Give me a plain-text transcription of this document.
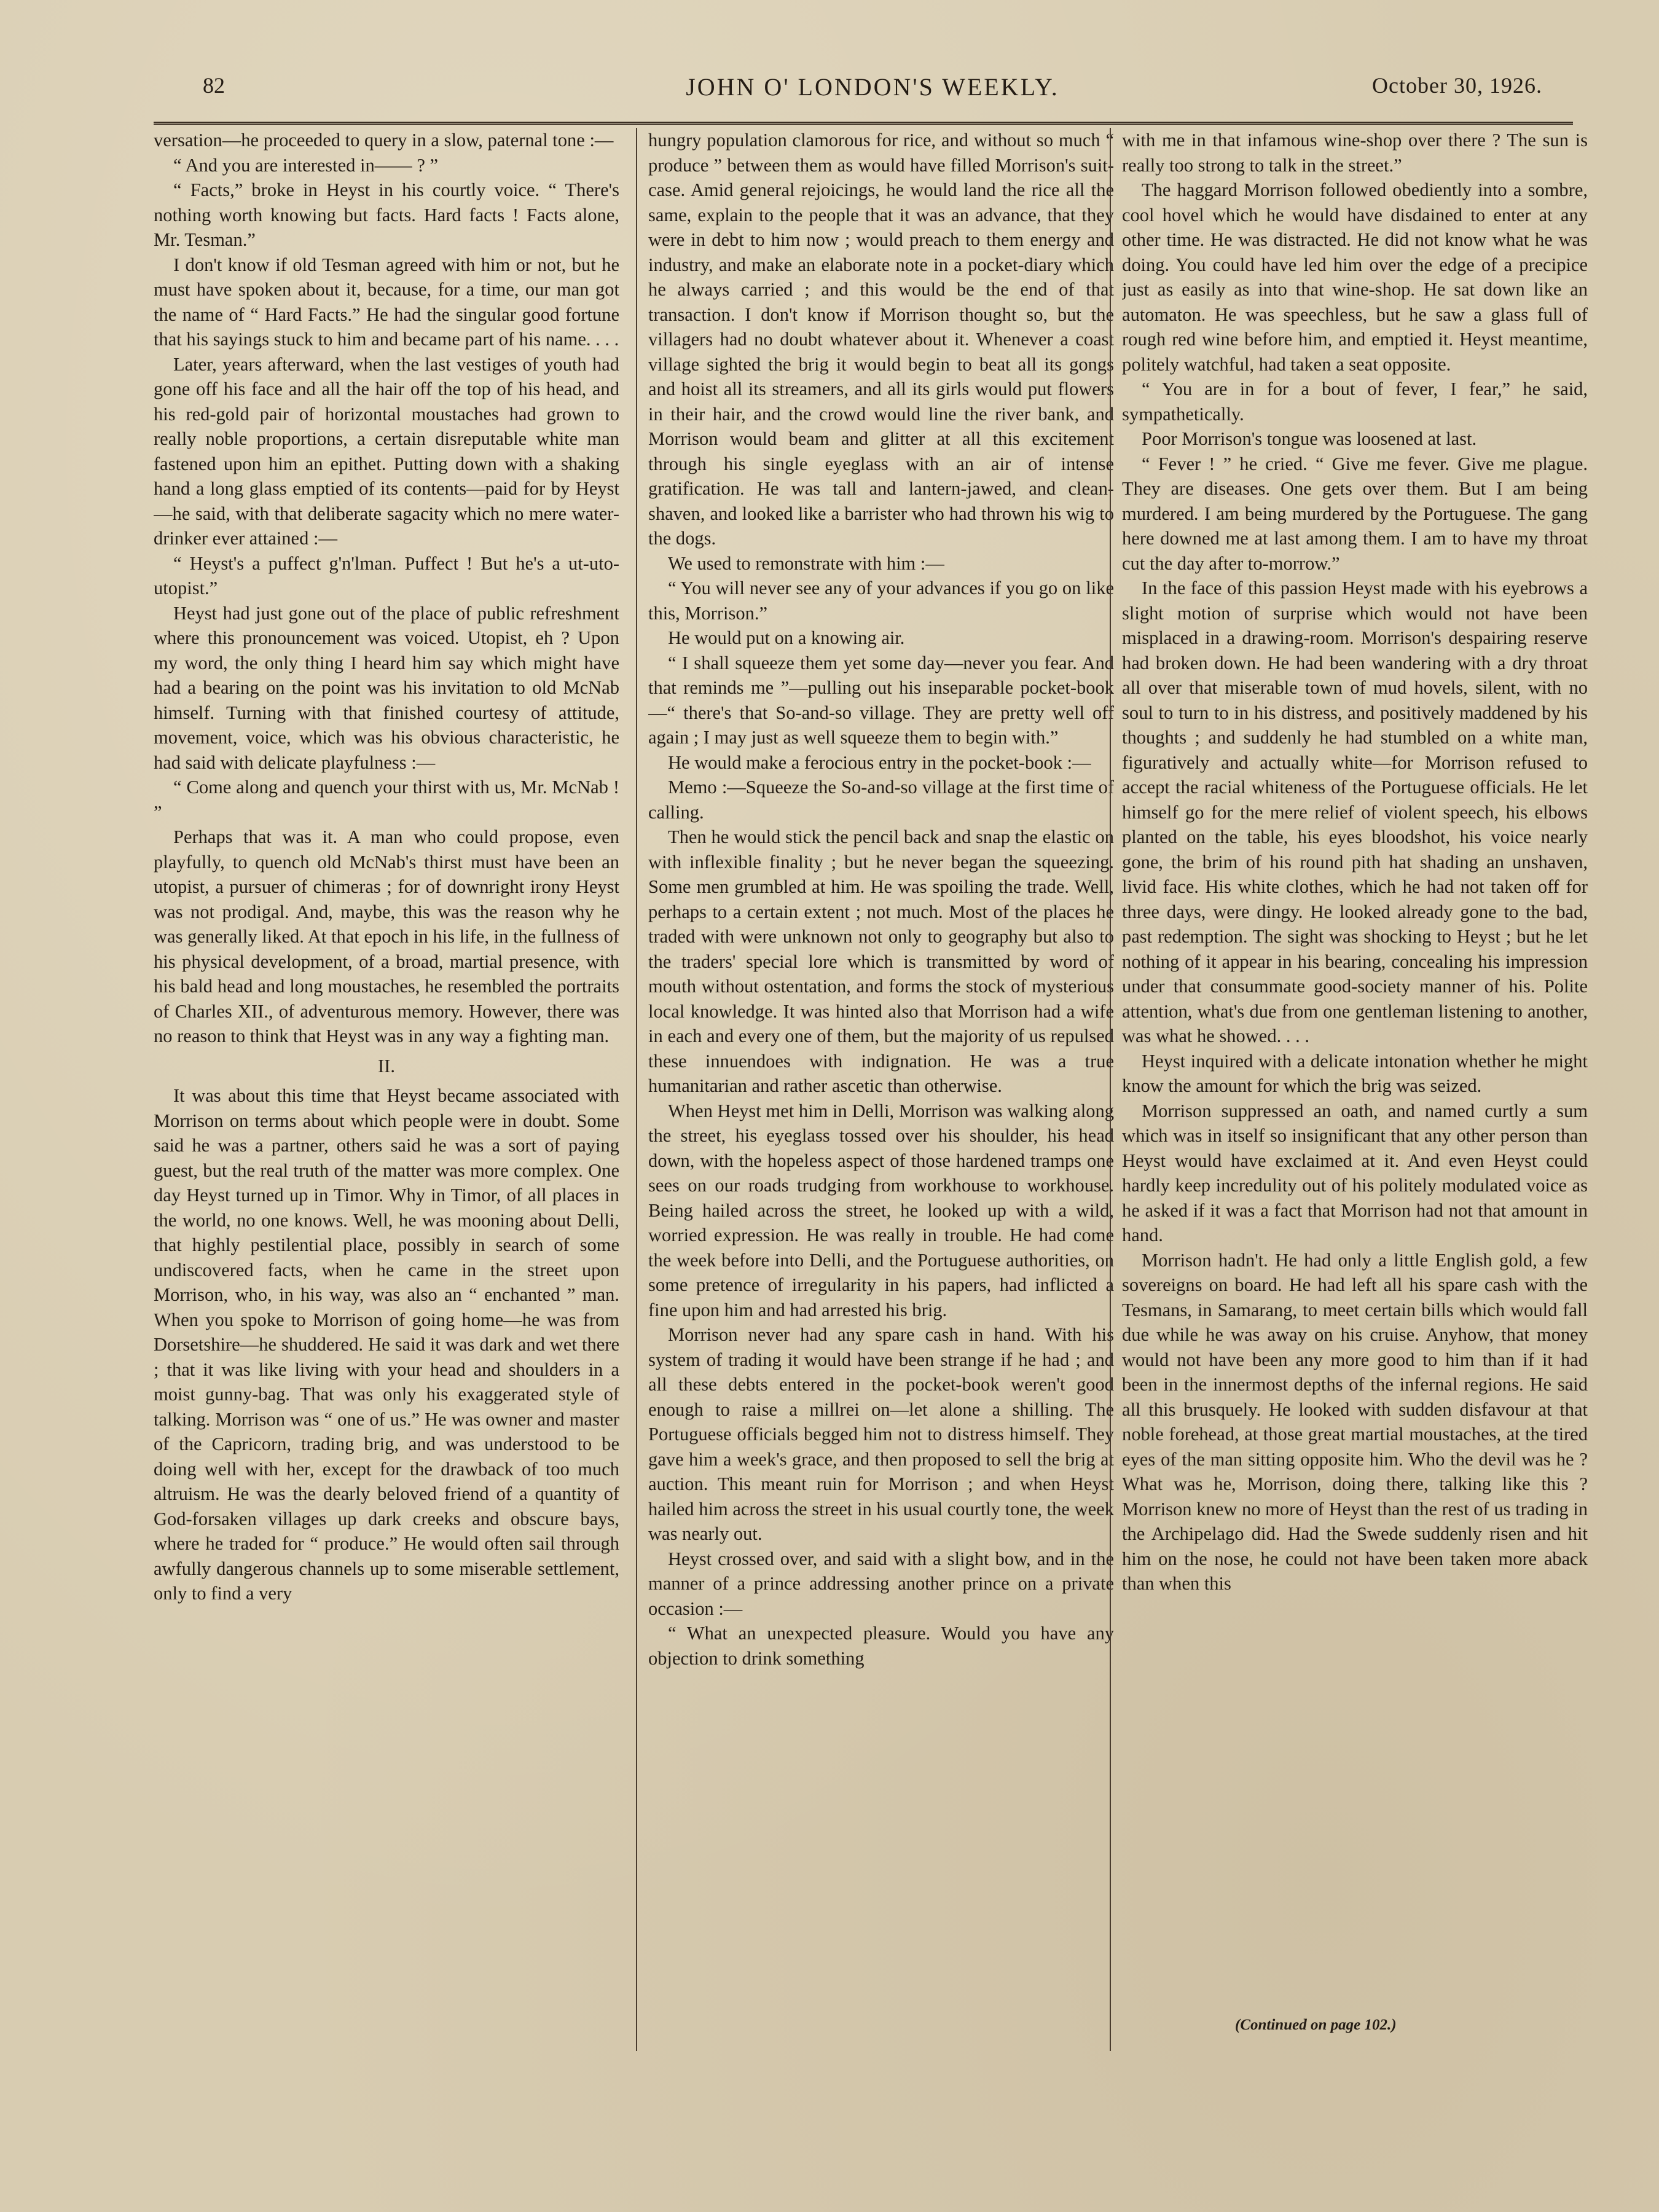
82	JOHN O' LONDON'S WEEKLY.	October 30, 1926.

versation—he proceeded to query in a slow, paternal tone :—

“ And you are interested in—— ? ”

“ Facts,” broke in Heyst in his courtly voice. “ There's nothing worth knowing but facts. Hard facts ! Facts alone, Mr. Tesman.”

I don't know if old Tesman agreed with him or not, but he must have spoken about it, because, for a time, our man got the name of “ Hard Facts.” He had the singular good fortune that his sayings stuck to him and became part of his name. . . .

Later, years afterward, when the last vestiges of youth had gone off his face and all the hair off the top of his head, and his red-gold pair of horizontal moustaches had grown to really noble proportions, a certain disreputable white man fastened upon him an epithet. Putting down with a shaking hand a long glass emptied of its contents—paid for by Heyst—he said, with that deliberate sagacity which no mere water-drinker ever attained :—

“ Heyst's a puffect g'n'lman. Puffect ! But he's a ut-uto-utopist.”

Heyst had just gone out of the place of public refreshment where this pronouncement was voiced. Utopist, eh ? Upon my word, the only thing I heard him say which might have had a bearing on the point was his invitation to old McNab himself. Turning with that finished courtesy of attitude, movement, voice, which was his obvious characteristic, he had said with delicate playfulness :—

“ Come along and quench your thirst with us, Mr. McNab ! ”

Perhaps that was it. A man who could propose, even playfully, to quench old McNab's thirst must have been an utopist, a pursuer of chimeras ; for of downright irony Heyst was not prodigal. And, maybe, this was the reason why he was generally liked. At that epoch in his life, in the fullness of his physical development, of a broad, martial presence, with his bald head and long moustaches, he resembled the portraits of Charles XII., of adventurous memory. However, there was no reason to think that Heyst was in any way a fighting man.

II.

It was about this time that Heyst became associated with Morrison on terms about which people were in doubt. Some said he was a partner, others said he was a sort of paying guest, but the real truth of the matter was more complex. One day Heyst turned up in Timor. Why in Timor, of all places in the world, no one knows. Well, he was mooning about Delli, that highly pestilential place, possibly in search of some undiscovered facts, when he came in the street upon Morrison, who, in his way, was also an “ enchanted ” man. When you spoke to Morrison of going home—he was from Dorsetshire—he shuddered. He said it was dark and wet there ; that it was like living with your head and shoulders in a moist gunny-bag. That was only his exaggerated style of talking. Morrison was “ one of us.” He was owner and master of the Capricorn, trading brig, and was understood to be doing well with her, except for the drawback of too much altruism. He was the dearly beloved friend of a quantity of God-forsaken villages up dark creeks and obscure bays, where he traded for “ produce.” He would often sail through awfully dangerous channels up to some miserable settlement, only to find a very

hungry population clamorous for rice, and without so much “ produce ” between them as would have filled Morrison's suit-case. Amid general rejoicings, he would land the rice all the same, explain to the people that it was an advance, that they were in debt to him now ; would preach to them energy and industry, and make an elaborate note in a pocket-diary which he always carried ; and this would be the end of that transaction. I don't know if Morrison thought so, but the villagers had no doubt whatever about it. Whenever a coast village sighted the brig it would begin to beat all its gongs and hoist all its streamers, and all its girls would put flowers in their hair, and the crowd would line the river bank, and Morrison would beam and glitter at all this excitement through his single eyeglass with an air of intense gratification. He was tall and lantern-jawed, and clean-shaven, and looked like a barrister who had thrown his wig to the dogs.

We used to remonstrate with him :—

“ You will never see any of your advances if you go on like this, Morrison.”

He would put on a knowing air.

“ I shall squeeze them yet some day—never you fear. And that reminds me ”—pulling out his inseparable pocket-book—“ there's that So-and-so village. They are pretty well off again ; I may just as well squeeze them to begin with.”

He would make a ferocious entry in the pocket-book :—

Memo :—Squeeze the So-and-so village at the first time of calling.

Then he would stick the pencil back and snap the elastic on with inflexible finality ; but he never began the squeezing. Some men grumbled at him. He was spoiling the trade. Well, perhaps to a certain extent ; not much. Most of the places he traded with were unknown not only to geography but also to the traders' special lore which is transmitted by word of mouth without ostentation, and forms the stock of mysterious local knowledge. It was hinted also that Morrison had a wife in each and every one of them, but the majority of us repulsed these innuendoes with indignation. He was a true humanitarian and rather ascetic than otherwise.

When Heyst met him in Delli, Morrison was walking along the street, his eyeglass tossed over his shoulder, his head down, with the hopeless aspect of those hardened tramps one sees on our roads trudging from workhouse to workhouse. Being hailed across the street, he looked up with a wild, worried expression. He was really in trouble. He had come the week before into Delli, and the Portuguese authorities, on some pretence of irregularity in his papers, had inflicted a fine upon him and had arrested his brig.

Morrison never had any spare cash in hand. With his system of trading it would have been strange if he had ; and all these debts entered in the pocket-book weren't good enough to raise a millrei on—let alone a shilling. The Portuguese officials begged him not to distress himself. They gave him a week's grace, and then proposed to sell the brig at auction. This meant ruin for Morrison ; and when Heyst hailed him across the street in his usual courtly tone, the week was nearly out.

Heyst crossed over, and said with a slight bow, and in the manner of a prince addressing another prince on a private occasion :—

“ What an unexpected pleasure. Would you have any objection to drink something

with me in that infamous wine-shop over there ? The sun is really too strong to talk in the street.”

The haggard Morrison followed obediently into a sombre, cool hovel which he would have disdained to enter at any other time. He was distracted. He did not know what he was doing. You could have led him over the edge of a precipice just as easily as into that wine-shop. He sat down like an automaton. He was speechless, but he saw a glass full of rough red wine before him, and emptied it. Heyst meantime, politely watchful, had taken a seat opposite.

“ You are in for a bout of fever, I fear,” he said, sympathetically.

Poor Morrison's tongue was loosened at last.

“ Fever ! ” he cried. “ Give me fever. Give me plague. They are diseases. One gets over them. But I am being murdered. I am being murdered by the Portuguese. The gang here downed me at last among them. I am to have my throat cut the day after to-morrow.”

In the face of this passion Heyst made with his eyebrows a slight motion of surprise which would not have been misplaced in a drawing-room. Morrison's despairing reserve had broken down. He had been wandering with a dry throat all over that miserable town of mud hovels, silent, with no soul to turn to in his distress, and positively maddened by his thoughts ; and suddenly he had stumbled on a white man, figuratively and actually white—for Morrison refused to accept the racial whiteness of the Portuguese officials. He let himself go for the mere relief of violent speech, his elbows planted on the table, his eyes bloodshot, his voice nearly gone, the brim of his round pith hat shading an unshaven, livid face. His white clothes, which he had not taken off for three days, were dingy. He looked already gone to the bad, past redemption. The sight was shocking to Heyst ; but he let nothing of it appear in his bearing, concealing his impression under that consummate good-society manner of his. Polite attention, what's due from one gentleman listening to another, was what he showed. . . .

Heyst inquired with a delicate intonation whether he might know the amount for which the brig was seized.

Morrison suppressed an oath, and named curtly a sum which was in itself so insignificant that any other person than Heyst would have exclaimed at it. And even Heyst could hardly keep incredulity out of his politely modulated voice as he asked if it was a fact that Morrison had not that amount in hand.

Morrison hadn't. He had only a little English gold, a few sovereigns on board. He had left all his spare cash with the Tesmans, in Samarang, to meet certain bills which would fall due while he was away on his cruise. Anyhow, that money would not have been any more good to him than if it had been in the innermost depths of the infernal regions. He said all this brusquely. He looked with sudden disfavour at that noble forehead, at those great martial moustaches, at the tired eyes of the man sitting opposite him. Who the devil was he ? What was he, Morrison, doing there, talking like this ? Morrison knew no more of Heyst than the rest of us trading in the Archipelago did. Had the Swede suddenly risen and hit him on the nose, he could not have been taken more aback than when this

(Continued on page 102.)
